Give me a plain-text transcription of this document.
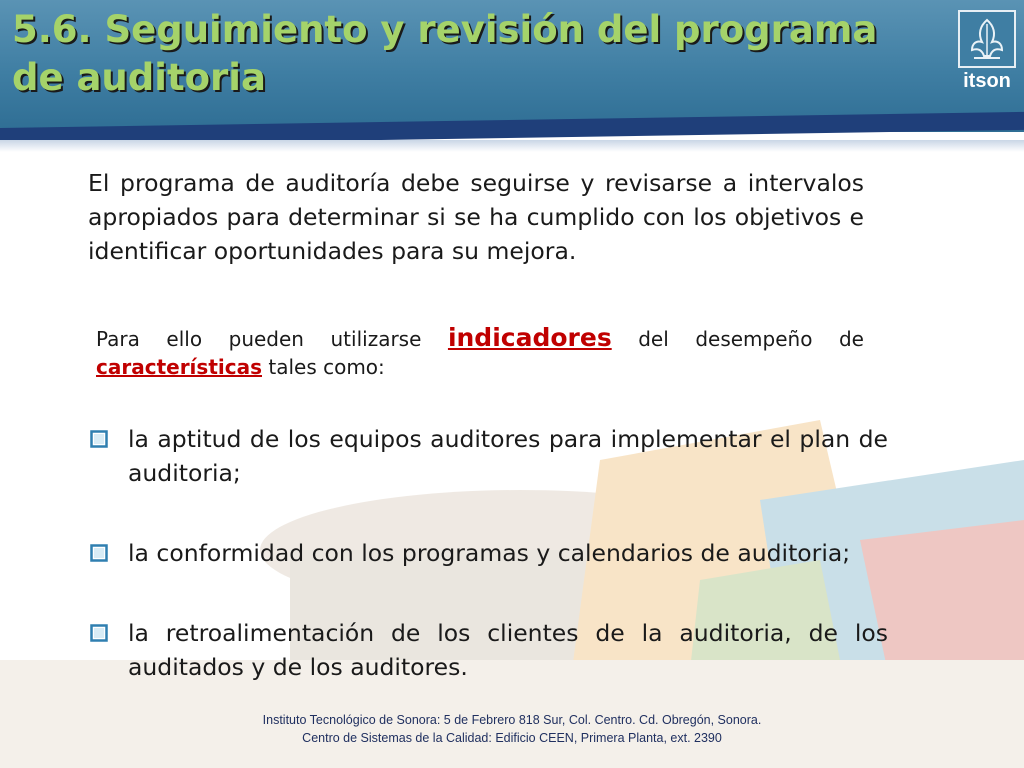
5.6. Seguimiento y revisión del programa de auditoria	itson

El programa de auditoría debe seguirse y revisarse a intervalos apropiados para determinar si se ha cumplido con los objetivos e identificar oportunidades para su mejora.

Para ello pueden utilizarse indicadores del desempeño de características tales como:

la aptitud de los equipos auditores para implementar el plan de auditoria;
la conformidad con los programas y calendarios de auditoria;
la retroalimentación de los clientes de la auditoria, de los auditados y de los auditores.
Instituto Tecnológico de Sonora: 5 de Febrero 818 Sur, Col. Centro. Cd. Obregón, Sonora.
Centro de Sistemas de la Calidad: Edificio CEEN, Primera Planta, ext. 2390
